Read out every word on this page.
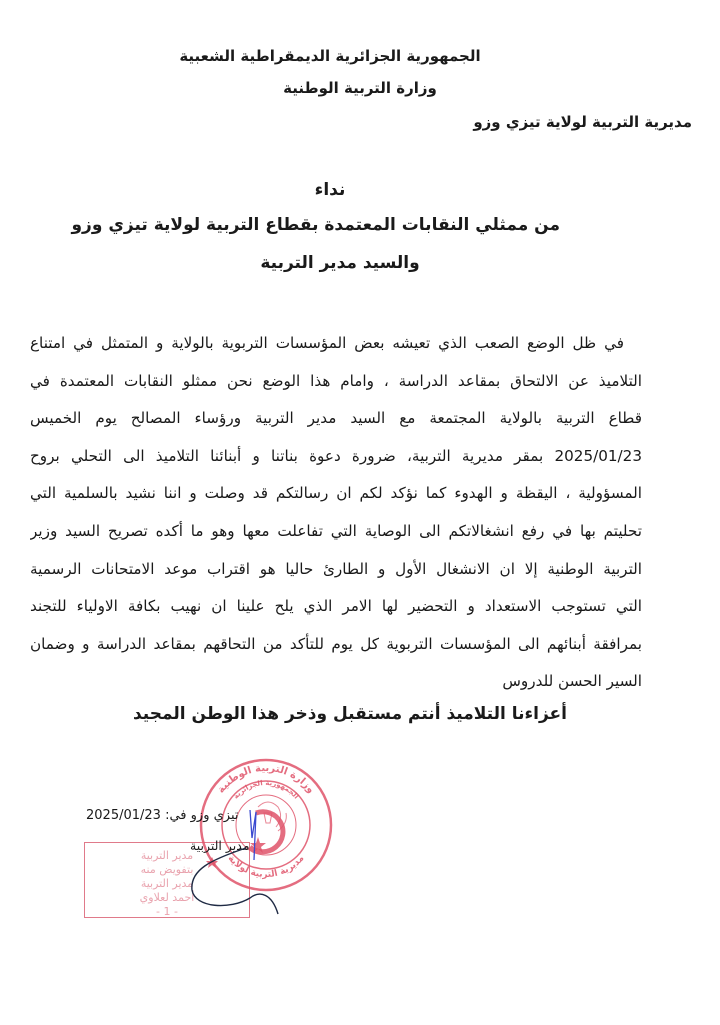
الجمهورية الجزائرية الديمقراطية الشعبية
وزارة التربية الوطنية
مديرية التربية لولاية تيزي وزو
نداء
من ممثلي النقابات المعتمدة بقطاع التربية لولاية تيزي وزو
والسيد مدير التربية
في ظل الوضع الصعب الذي تعيشه بعض المؤسسات التربوية بالولاية و المتمثل في امتناع
التلاميذ عن الالتحاق بمقاعد الدراسة ، وامام هذا الوضع نحن ممثلو النقابات المعتمدة في
قطاع التربية بالولاية المجتمعة مع السيد مدير التربية ورؤساء المصالح يوم الخميس
2025/01/23 بمقر مديرية التربية، ضرورة دعوة بناتنا و أبنائنا التلاميذ الى التحلي بروح
المسؤولية ، اليقظة و الهدوء كما نؤكد لكم ان رسالتكم قد وصلت و اننا نشيد بالسلمية التي
تحليتم بها في رفع انشغالاتكم الى الوصاية التي تفاعلت معها وهو ما أكده تصريح السيد وزير
التربية الوطنية إلا ان الانشغال الأول و الطارئ حاليا هو اقتراب موعد الامتحانات الرسمية
التي تستوجب الاستعداد و التحضير لها الامر الذي يلح علينا ان نهيب بكافة الاولياء للتجند
بمرافقة أبنائهم الى المؤسسات التربوية كل يوم للتأكد من التحاقهم بمقاعد الدراسة و وضمان
السير الحسن للدروس
أعزاءنا التلاميذ أنتم مستقبل وذخر هذا الوطن المجيد
مدير التربية
بتفويض منه
مدير التربية
أحمد لعلاوي
- 1 -
وزارة التربية الوطنية
مديرية التربية لولاية
الجمهورية الجزائرية
تيزي وزو في: 2025/01/23
مدير التربية
